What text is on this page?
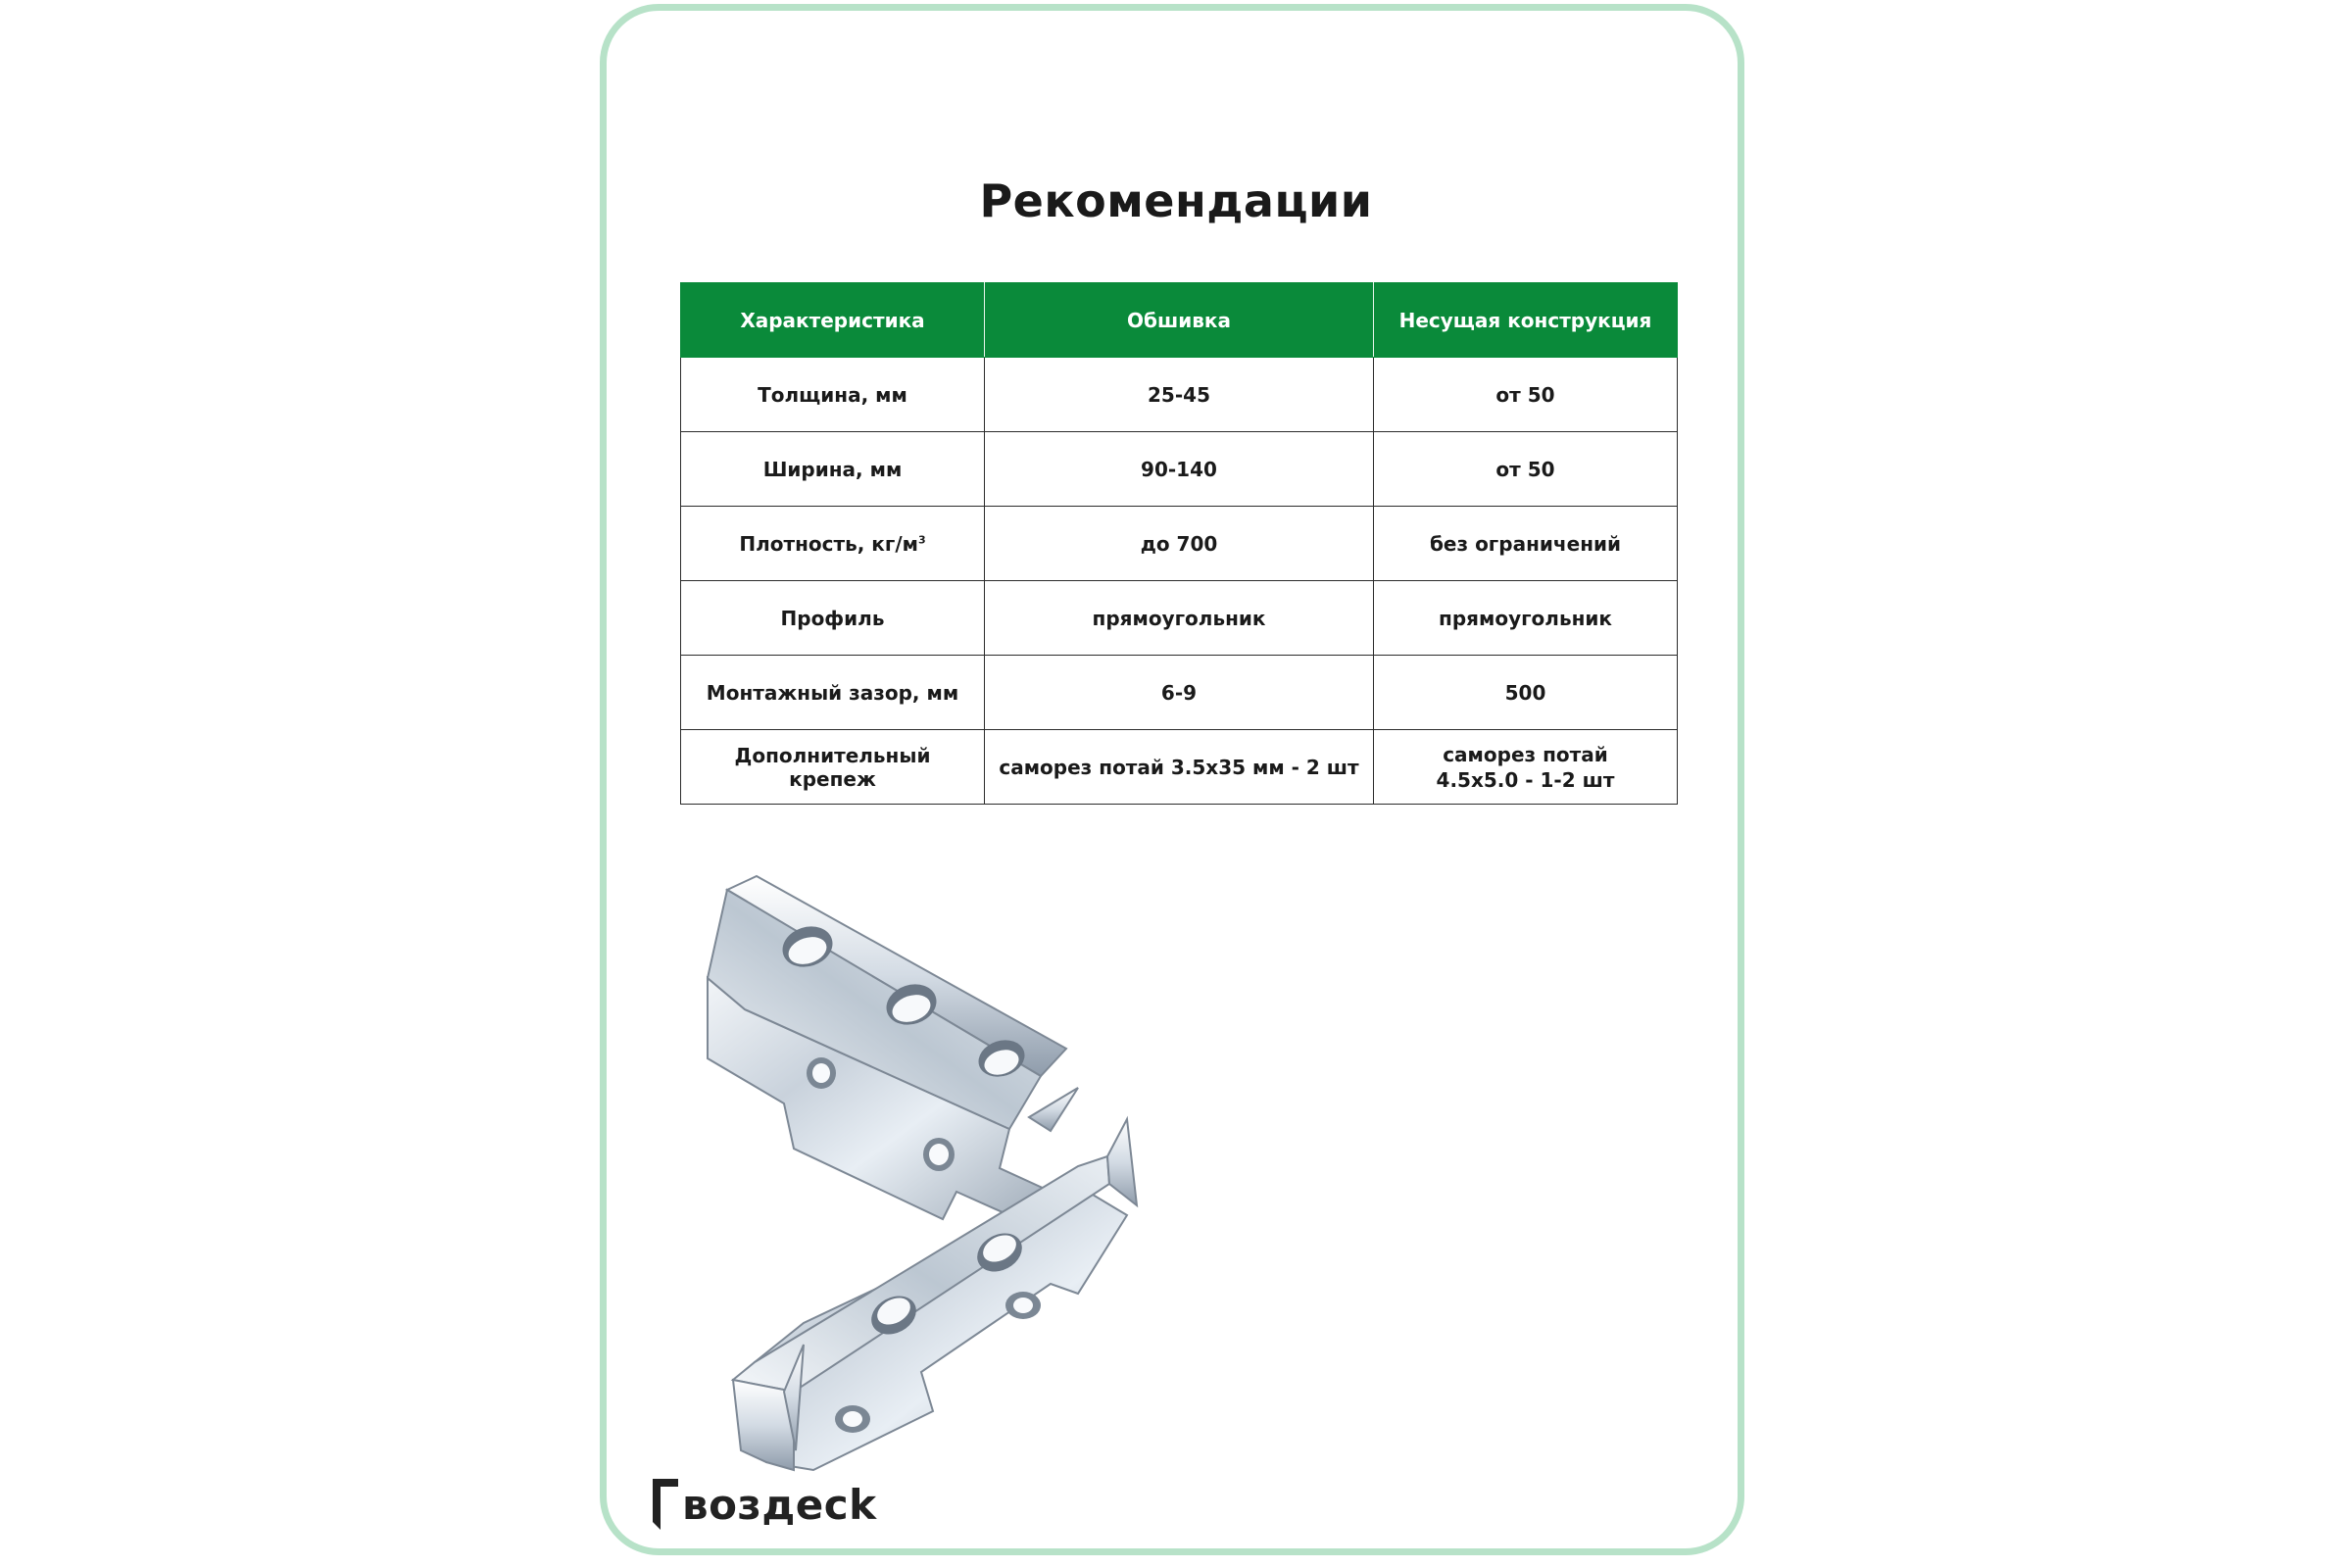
Рекомендации
Характеристика	Обшивка	Несущая конструкция
Толщина, мм	25-45	от 50
Ширина, мм	90-140	от 50
Плотность, $кг/м^3$	до 700	без ограничений
Профиль	прямоугольник	прямоугольник
Монтажный зазор, мм	6-9	500
Дополнительный крепеж	саморез потай 3.5x35 мм - 2 шт	саморез потай
4.5x5.0 - 1-2 шт
воздеck
